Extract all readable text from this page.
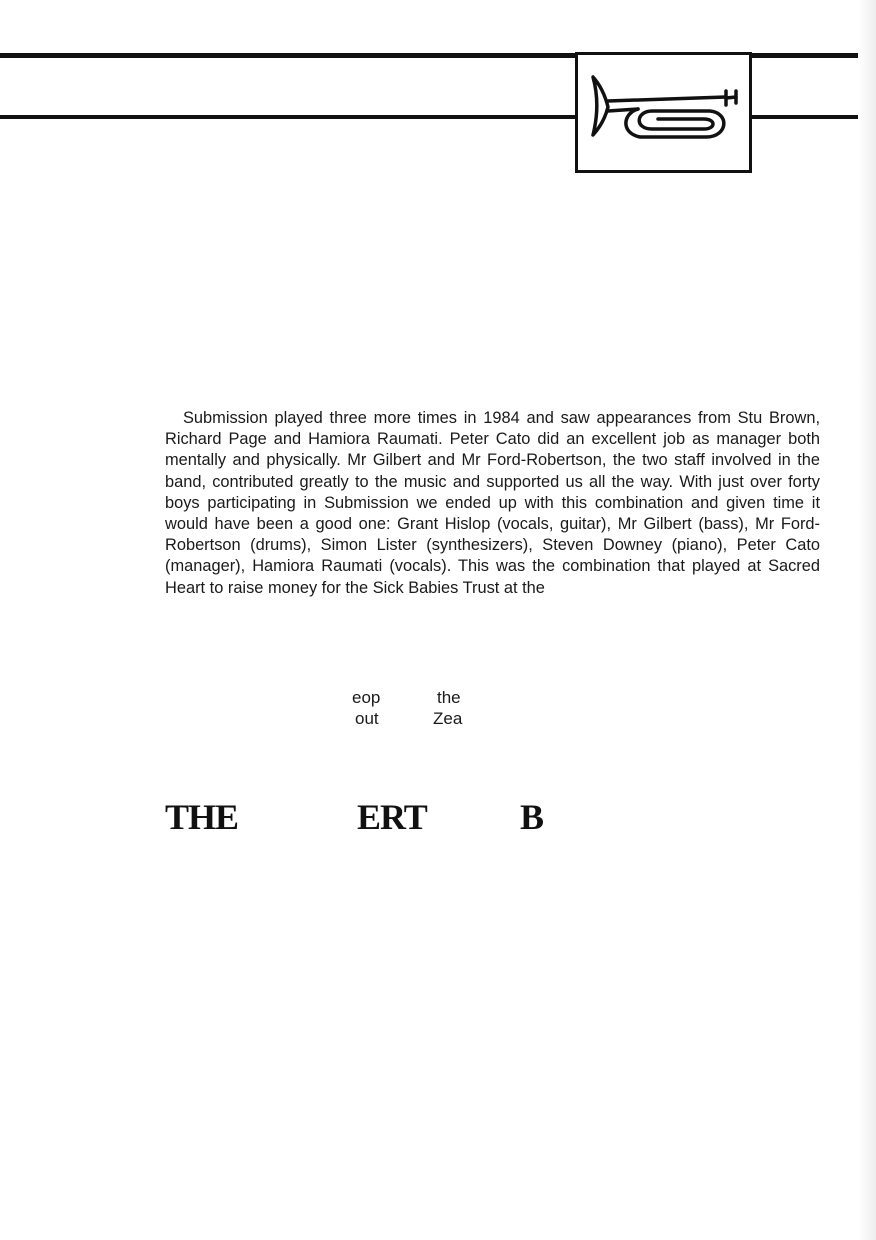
Submission played three more times in 1984 and saw appearances from Stu Brown, Richard Page and Hamiora Raumati. Peter Cato did an excellent job as manager both mentally and physically. Mr Gilbert and Mr Ford-Robertson, the two staff involved in the band, contributed greatly to the music and supported us all the way. With just over forty boys participating in Submission we ended up with this combination and given time it would have been a good one: Grant Hislop (vocals, guitar), Mr Gilbert (bass), Mr Ford-Robertson (drums), Simon Lister (synthesizers), Steven Downey (piano), Peter Cato (manager), Hamiora Raumati (vocals). This was the combination that played at Sacred Heart to raise money for the Sick Babies Trust at the

eop	the
out	Zea
THE	ERT	B
